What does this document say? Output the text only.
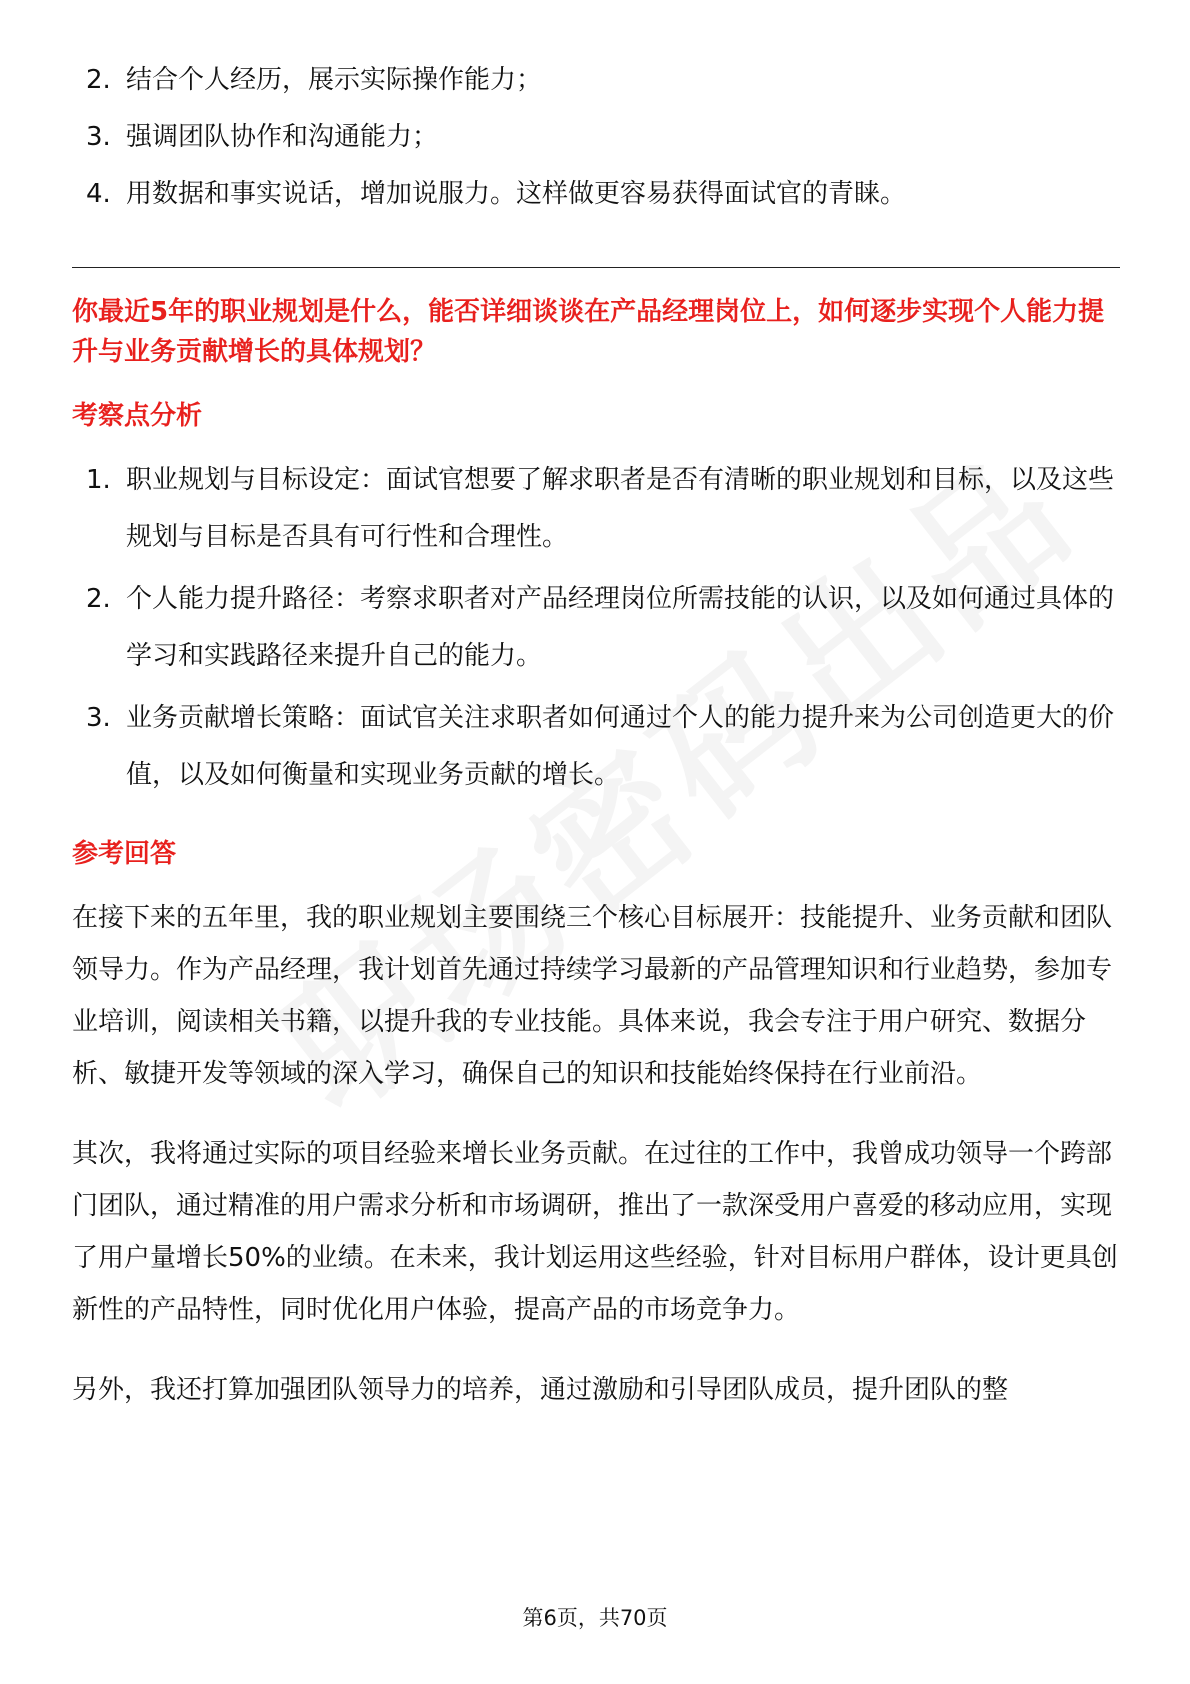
2. 结合个人经历，展示实际操作能力；
3. 强调团队协作和沟通能力；
4. 用数据和事实说话，增加说服力。这样做更容易获得面试官的青睐。
你最近5年的职业规划是什么，能否详细谈谈在产品经理岗位上，如何逐步实现个人能力提升与业务贡献增长的具体规划？
考察点分析
1. 职业规划与目标设定：面试官想要了解求职者是否有清晰的职业规划和目标，以及这些规划与目标是否具有可行性和合理性。
2. 个人能力提升路径：考察求职者对产品经理岗位所需技能的认识，以及如何通过具体的学习和实践路径来提升自己的能力。
3. 业务贡献增长策略：面试官关注求职者如何通过个人的能力提升来为公司创造更大的价值，以及如何衡量和实现业务贡献的增长。
参考回答

在接下来的五年里，我的职业规划主要围绕三个核心目标展开：技能提升、业务贡献和团队领导力。作为产品经理，我计划首先通过持续学习最新的产品管理知识和行业趋势，参加专业培训，阅读相关书籍，以提升我的专业技能。具体来说，我会专注于用户研究、数据分析、敏捷开发等领域的深入学习，确保自己的知识和技能始终保持在行业前沿。

其次，我将通过实际的项目经验来增长业务贡献。在过往的工作中，我曾成功领导一个跨部门团队，通过精准的用户需求分析和市场调研，推出了一款深受用户喜爱的移动应用，实现了用户量增长50%的业绩。在未来，我计划运用这些经验，针对目标用户群体，设计更具创新性的产品特性，同时优化用户体验，提高产品的市场竞争力。

另外，我还打算加强团队领导力的培养，通过激励和引导团队成员，提升团队的整

第6页，共70页
